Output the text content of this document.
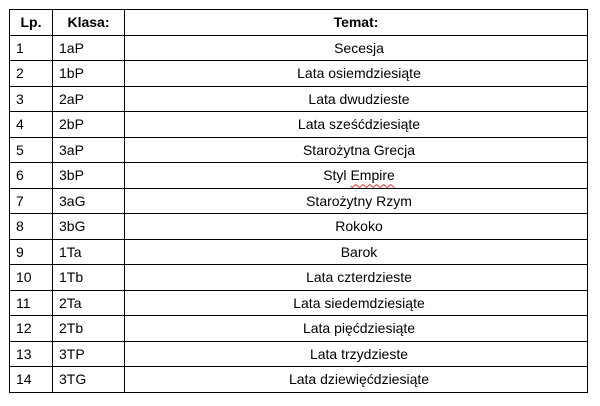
Lp.	Klasa:	Temat:
1	1aP	Secesja
2	1bP	Lata osiemdziesiąte
3	2aP	Lata dwudzieste
4	2bP	Lata sześćdziesiąte
5	3aP	Starożytna Grecja
6	3bP	Styl Empire
7	3aG	Starożytny Rzym
8	3bG	Rokoko
9	1Ta	Barok
10	1Tb	Lata czterdzieste
11	2Ta	Lata siedemdziesiąte
12	2Tb	Lata pięćdziesiąte
13	3TP	Lata trzydzieste
14	3TG	Lata dziewięćdziesiąte
